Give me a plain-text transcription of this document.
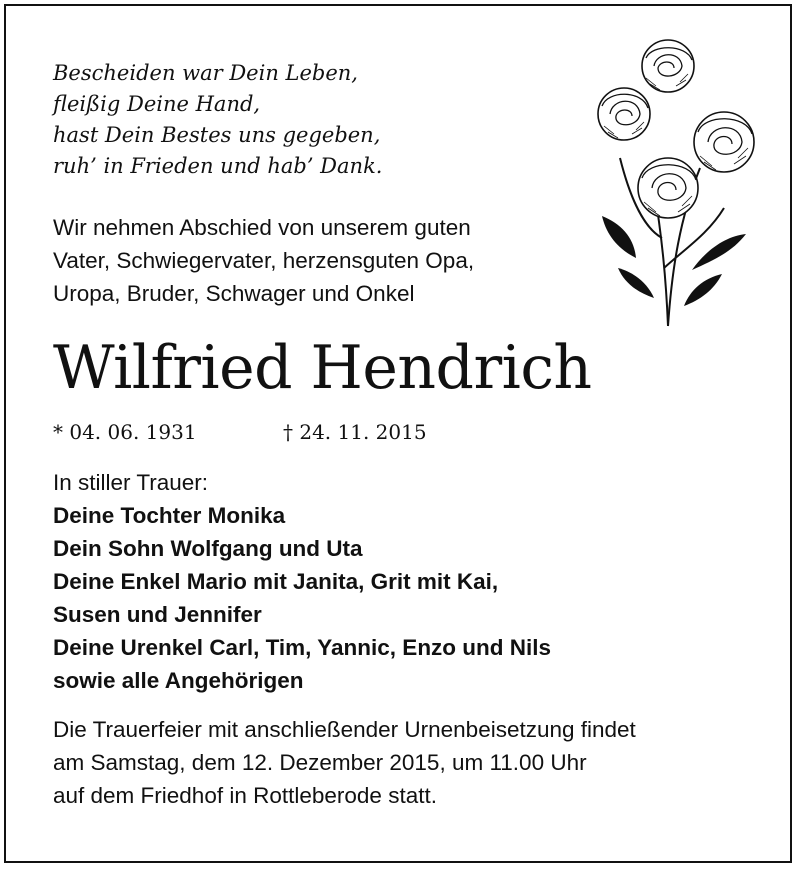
Bescheiden war Dein Leben,
fleißig Deine Hand,
hast Dein Bestes uns gegeben,
ruh’ in Frieden und hab’ Dank.
Wir nehmen Abschied von unserem guten
Vater, Schwiegervater, herzensguten Opa,
Uropa, Bruder, Schwager und Onkel
Wilfried Hendrich
* 04. 06. 1931	† 24. 11. 2015
In stiller Trauer:
Deine Tochter Monika
Dein Sohn Wolfgang und Uta
Deine Enkel Mario mit Janita, Grit mit Kai,
Susen und Jennifer
Deine Urenkel Carl, Tim, Yannic, Enzo und Nils
sowie alle Angehörigen
Die Trauerfeier mit anschließender Urnenbeisetzung findet
am Samstag, dem 12. Dezember 2015, um 11.00 Uhr
auf dem Friedhof in Rottleberode statt.
